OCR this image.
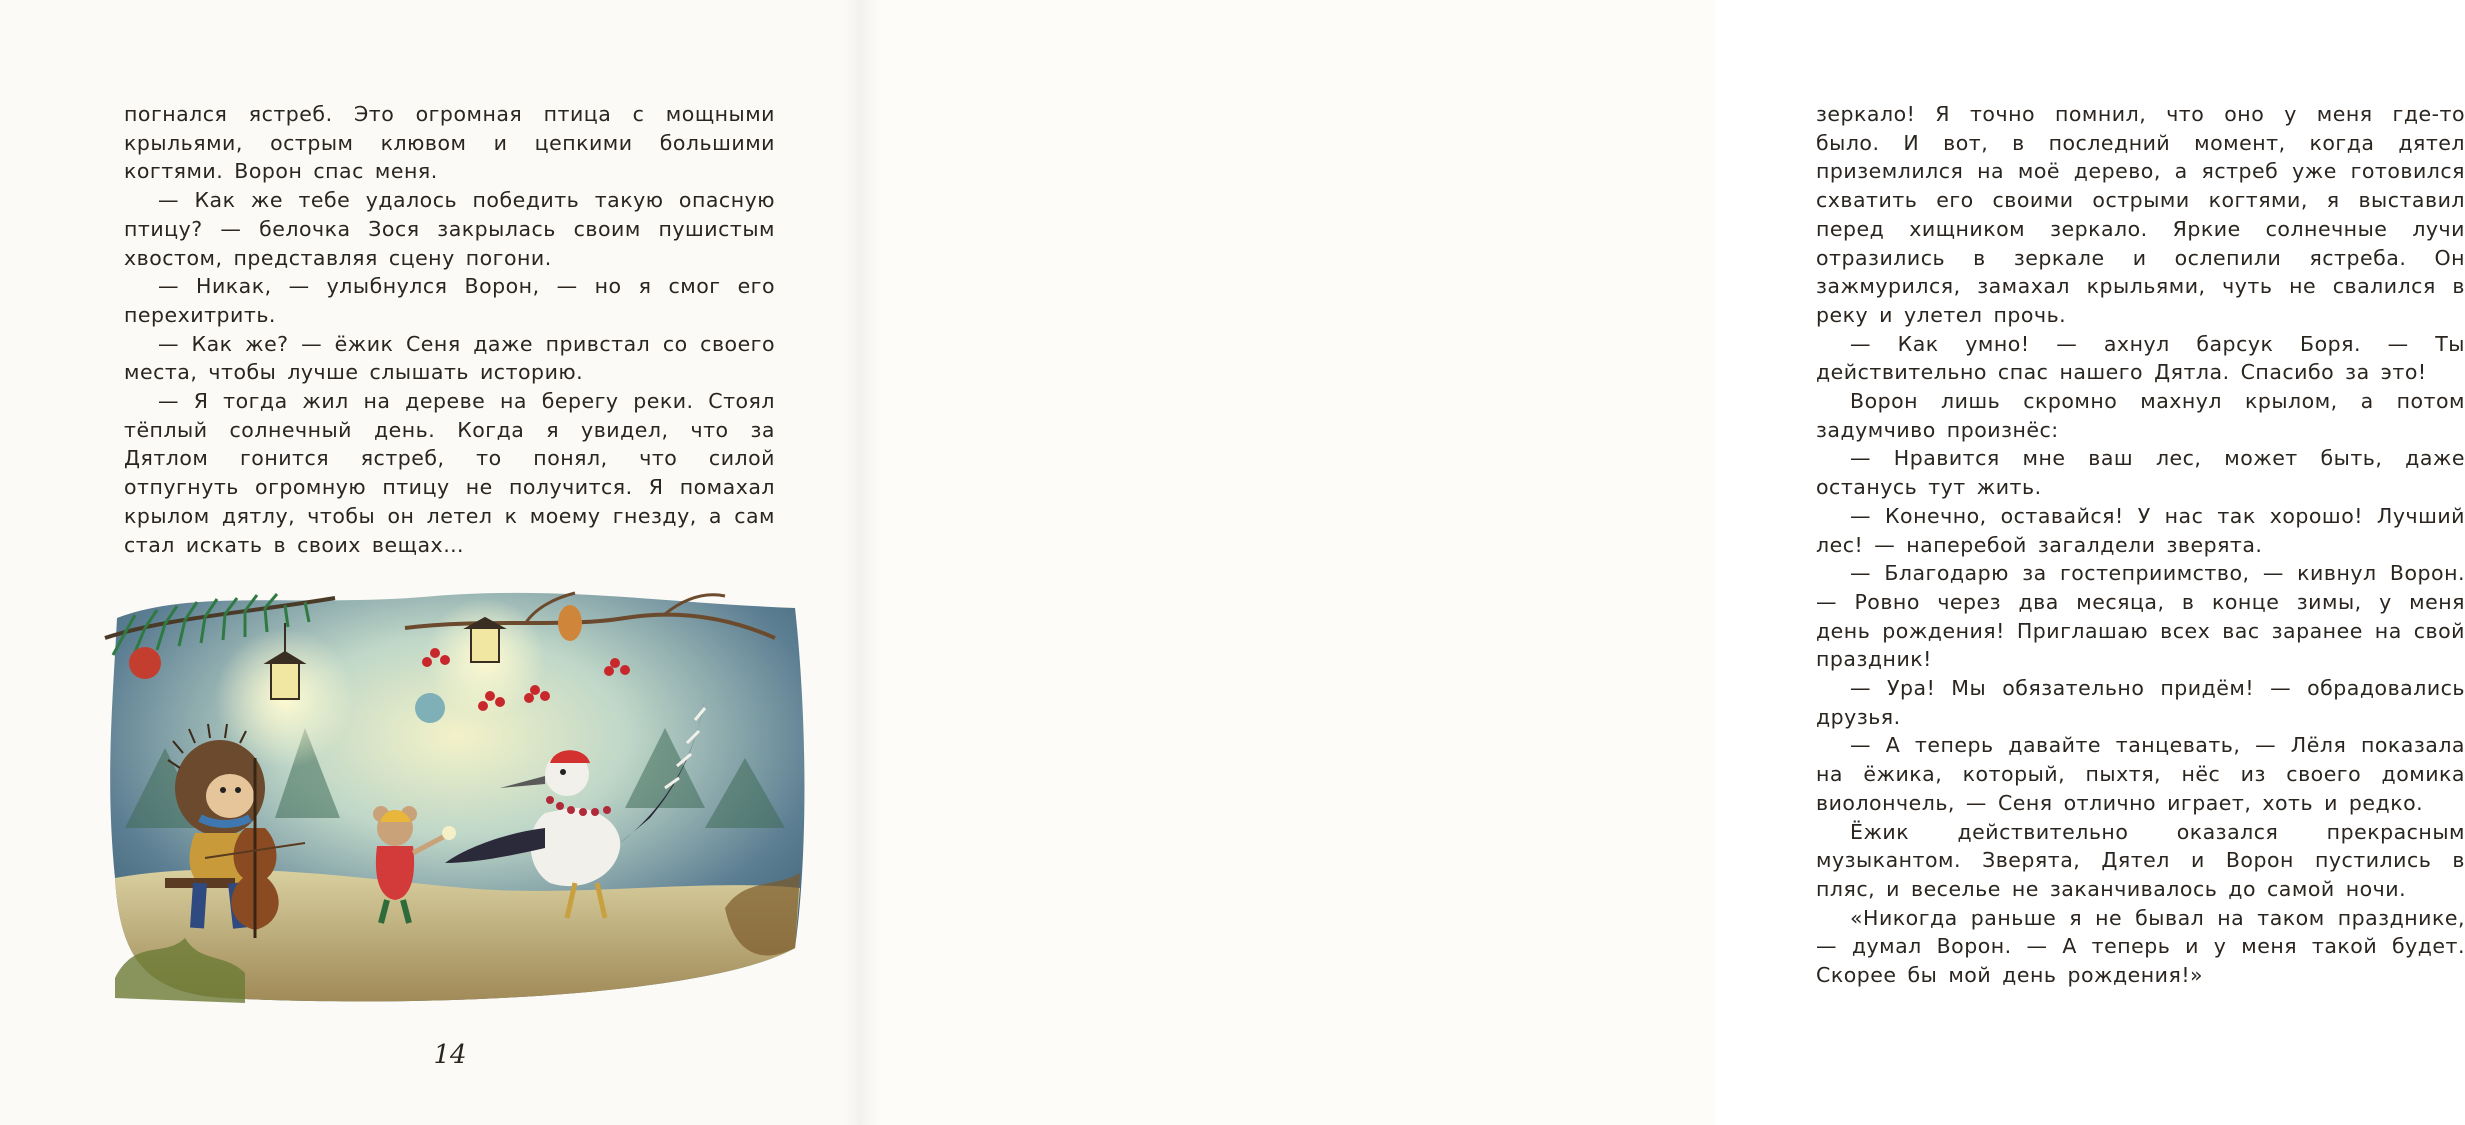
погнался ястреб. Это огромная птица с мощными крыльями, острым клювом и цепкими большими когтями. Ворон спас меня.

— Как же тебе удалось победить такую опасную птицу? — белочка Зося закрылась своим пушистым хвостом, представляя сцену погони.

— Никак, — улыбнулся Ворон, — но я смог его перехитрить.

— Как же? — ёжик Сеня даже привстал со своего места, чтобы лучше слышать историю.

— Я тогда жил на дереве на берегу реки. Стоял тёплый солнечный день. Когда я увидел, что за Дятлом гонится ястреб, то понял, что силой отпугнуть огромную птицу не получится. Я помахал крылом дятлу, чтобы он летел к моему гнезду, а сам стал искать в своих вещах…

14

зеркало! Я точно помнил, что оно у меня где-то было. И вот, в последний момент, когда дятел приземлился на моё дерево, а ястреб уже готовился схватить его своими острыми когтями, я выставил перед хищником зеркало. Яркие солнечные лучи отразились в зеркале и ослепили ястреба. Он зажмурился, замахал крыльями, чуть не свалился в реку и улетел прочь.

— Как умно! — ахнул барсук Боря. — Ты действительно спас нашего Дятла. Спасибо за это!

Ворон лишь скромно махнул крылом, а потом задумчиво произнёс:

— Нравится мне ваш лес, может быть, даже останусь тут жить.

— Конечно, оставайся! У нас так хорошо! Лучший лес! — наперебой загалдели зверята.

— Благодарю за гостеприимство, — кивнул Ворон. — Ровно через два месяца, в конце зимы, у меня день рождения! Приглашаю всех вас заранее на свой праздник!

— Ура! Мы обязательно придём! — обрадовались друзья.

— А теперь давайте танцевать, — Лёля показала на ёжика, который, пыхтя, нёс из своего домика виолончель, — Сеня отлично играет, хоть и редко.

Ёжик действительно оказался прекрасным музыкантом. Зверята, Дятел и Ворон пустились в пляс, и веселье не заканчивалось до самой ночи.

«Никогда раньше я не бывал на таком празднике, — думал Ворон. — А теперь и у меня такой будет. Скорее бы мой день рождения!»
